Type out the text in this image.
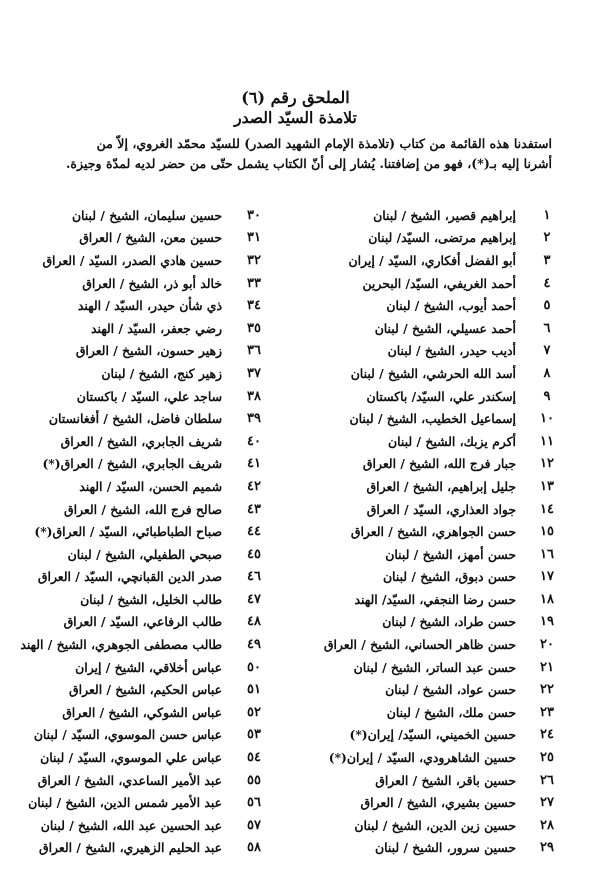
الملحق رقم (٦)
تلامذة السيّد الصدر

استفدنا هذه القائمة من كتاب (تلامذة الإمام الشهيد الصدر) للسيّد محمّد الغروي، إلاّ من

أشرنا إليه بـ(*)، فهو من إضافتنا. يُشار إلى أنّ الكتاب يشمل حتّى من حضر لديه لمدّة وجيزة.

١
إبراهيم قصير، الشيخ / لبنان
٢
إبراهيم مرتضى، السيّد/ لبنان
٣
أبو الفضل أفكاري، السيّد / إيران
٤
أحمد الغريفي، السيّد/ البحرين
٥
أحمد أيوب، الشيخ / لبنان
٦
أحمد عسيلي، الشيخ / لبنان
٧
أديب حيدر، الشيخ / لبنان
٨
أسد الله الحرشي، الشيخ / لبنان
٩
إسكندر علي، السيّد/ باكستان
١٠
إسماعيل الخطيب، الشيخ / لبنان
١١
أكرم يزبك، الشيخ / لبنان
١٢
جبار فرج الله، الشيخ / العراق
١٣
جليل إبراهيم، الشيخ / العراق
١٤
جواد العذاري، السيّد / العراق
١٥
حسن الجواهري، الشيخ / العراق
١٦
حسن أمهز، الشيخ / لبنان
١٧
حسن دبوق، الشيخ / لبنان
١٨
حسن رضا النجفي، السيّد/ الهند
١٩
حسن طراد، الشيخ / لبنان
٢٠
حسن ظاهر الحساني، الشيخ / العراق
٢١
حسن عبد الساتر، الشيخ / لبنان
٢٢
حسن عواد، الشيخ / لبنان
٢٣
حسن ملك، الشيخ / لبنان
٢٤
حسين الخميني، السيّد/ إيران(*)
٢٥
حسين الشاهرودي، السيّد / إيران(*)
٢٦
حسين باقر، الشيخ / العراق
٢٧
حسين بشيري، الشيخ / العراق
٢٨
حسين زين الدين، الشيخ / لبنان
٢٩
حسين سرور، الشيخ / لبنان
٣٠
حسين سليمان، الشيخ / لبنان
٣١
حسين معن، الشيخ / العراق
٣٢
حسين هادي الصدر، السيّد / العراق
٣٣
خالد أبو ذر، الشيخ / العراق
٣٤
ذي شأن حيدر، السيّد / الهند
٣٥
رضي جعفر، السيّد / الهند
٣٦
زهير حسون، الشيخ / العراق
٣٧
زهير كنج، الشيخ / لبنان
٣٨
ساجد علي، السيّد / باكستان
٣٩
سلطان فاضل، الشيخ / أفغانستان
٤٠
شريف الجابري، الشيخ / العراق
٤١
شريف الجابري، الشيخ / العراق(*)
٤٢
شميم الحسن، السيّد / الهند
٤٣
صالح فرج الله، الشيخ / العراق
٤٤
صباح الطباطبائي، السيّد / العراق(*)
٤٥
صبحي الطفيلي، الشيخ / لبنان
٤٦
صدر الدين القبانچي، السيّد / العراق
٤٧
طالب الخليل، الشيخ / لبنان
٤٨
طالب الرفاعي، السيّد / العراق
٤٩
طالب مصطفى الجوهري، الشيخ / الهند
٥٠
عباس أخلاقي، الشيخ / إيران
٥١
عباس الحكيم، الشيخ / العراق
٥٢
عباس الشوكي، الشيخ / العراق
٥٣
عباس حسن الموسوي، السيّد / لبنان
٥٤
عباس علي الموسوي، السيّد / لبنان
٥٥
عبد الأمير الساعدي، الشيخ / العراق
٥٦
عبد الأمير شمس الدين، الشيخ / لبنان
٥٧
عبد الحسين عبد الله، الشيخ / لبنان
٥٨
عبد الحليم الزهيري، الشيخ / العراق
